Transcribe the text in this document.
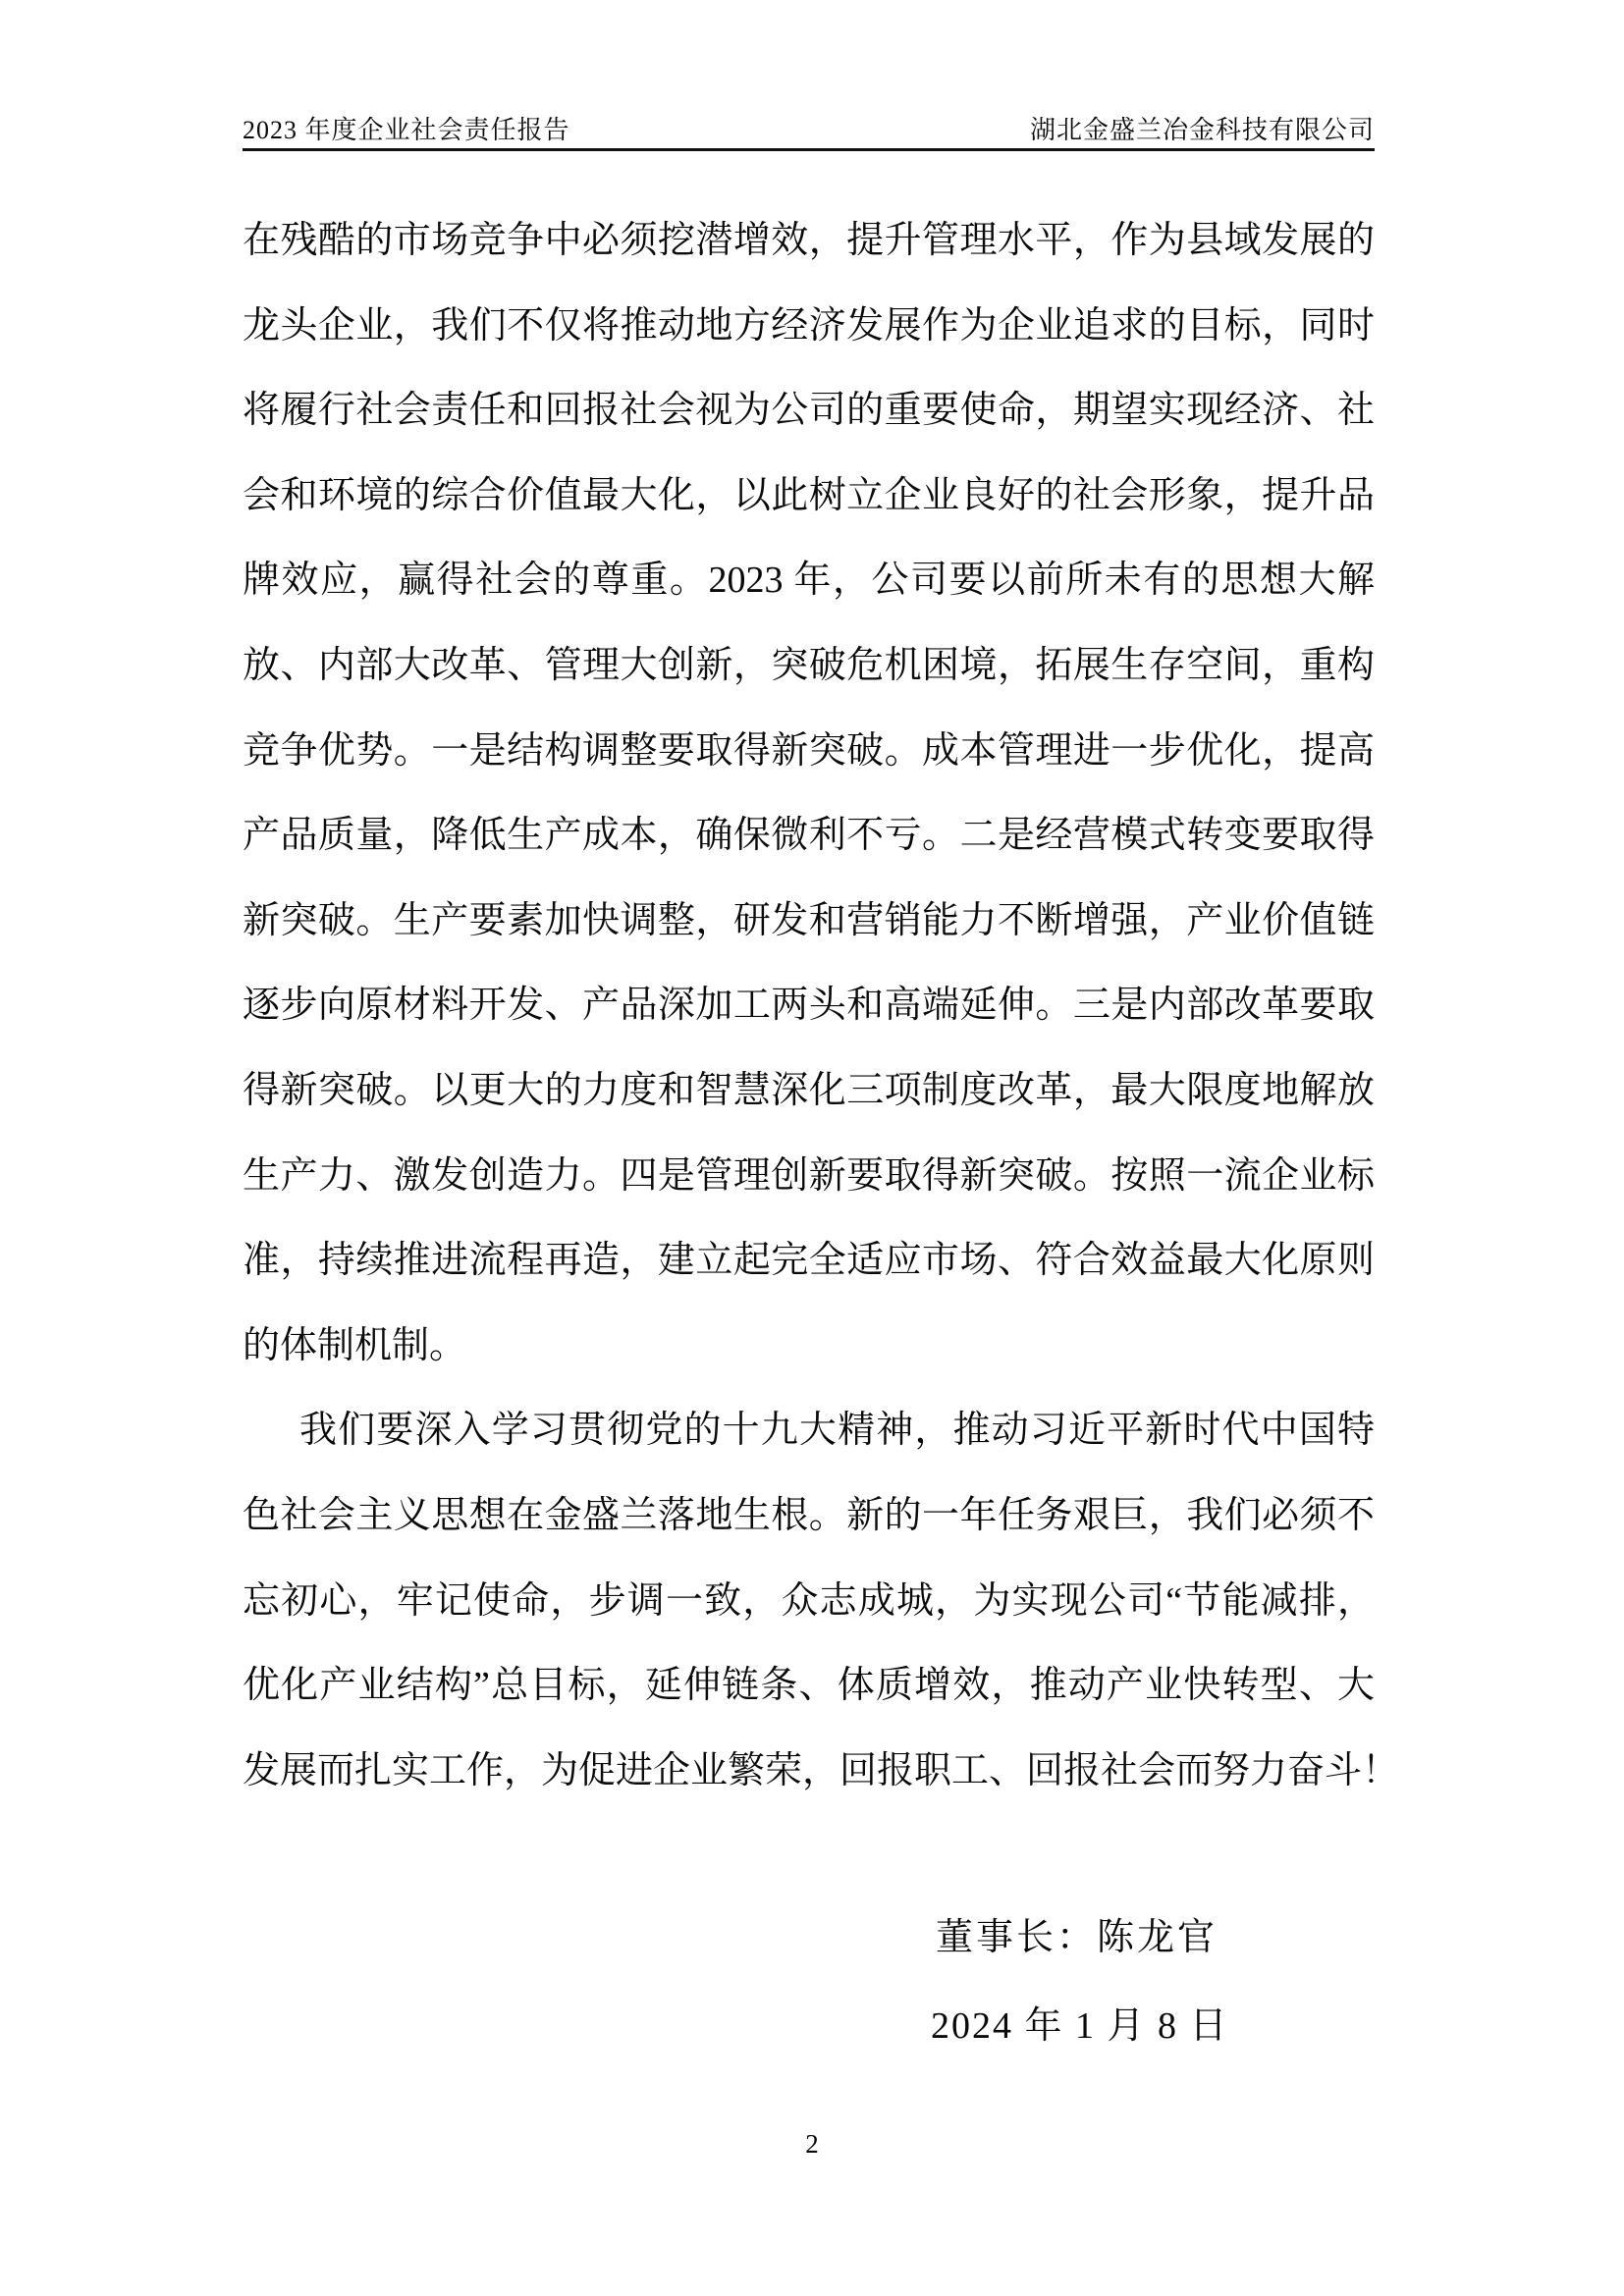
2023 年度企业社会责任报告	湖北金盛兰冶金科技有限公司
在残酷的市场竞争中必须挖潜增效，提升管理水平，作为县域发展的
龙头企业，我们不仅将推动地方经济发展作为企业追求的目标，同时
将履行社会责任和回报社会视为公司的重要使命，期望实现经济、社
会和环境的综合价值最大化，以此树立企业良好的社会形象，提升品
牌效应，赢得社会的尊重。2023 年，公司要以前所未有的思想大解
放、内部大改革、管理大创新，突破危机困境，拓展生存空间，重构
竞争优势。一是结构调整要取得新突破。成本管理进一步优化，提高
产品质量，降低生产成本，确保微利不亏。二是经营模式转变要取得
新突破。生产要素加快调整，研发和营销能力不断增强，产业价值链
逐步向原材料开发、产品深加工两头和高端延伸。三是内部改革要取
得新突破。以更大的力度和智慧深化三项制度改革，最大限度地解放
生产力、激发创造力。四是管理创新要取得新突破。按照一流企业标
准，持续推进流程再造，建立起完全适应市场、符合效益最大化原则
的体制机制。
我们要深入学习贯彻党的十九大精神，推动习近平新时代中国特
色社会主义思想在金盛兰落地生根。新的一年任务艰巨，我们必须不
忘初心，牢记使命，步调一致，众志成城，为实现公司“节能减排，
优化产业结构”总目标，延伸链条、体质增效，推动产业快转型、大
发展而扎实工作，为促进企业繁荣，回报职工、回报社会而努力奋斗！
董事长：陈龙官
2024 年 1 月 8 日
2
